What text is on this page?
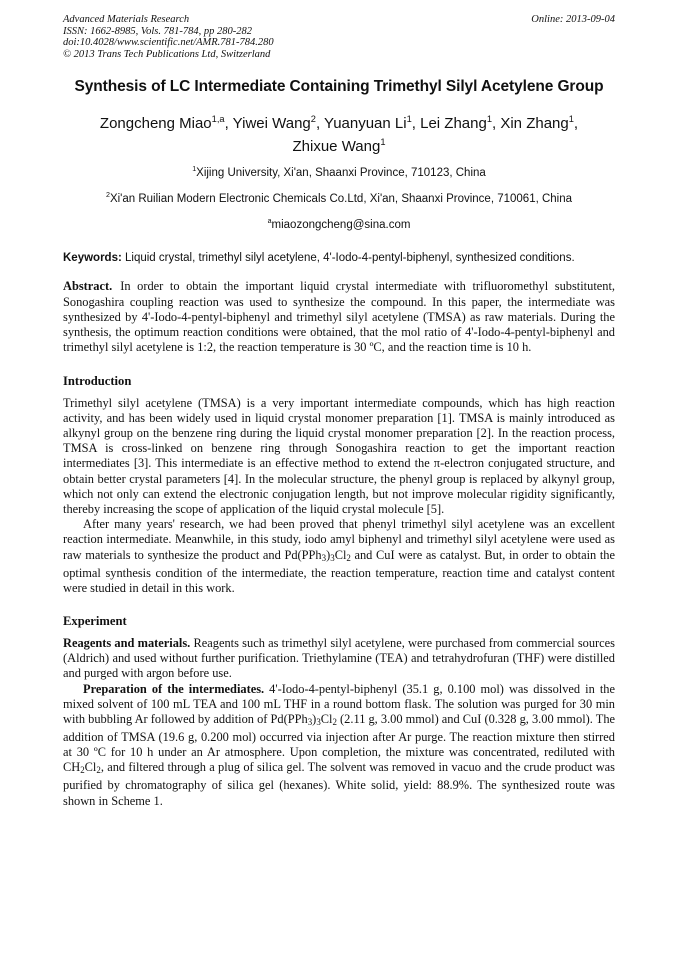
Advanced Materials Research
ISSN: 1662-8985, Vols. 781-784, pp 280-282
doi:10.4028/www.scientific.net/AMR.781-784.280
© 2013 Trans Tech Publications Ltd, Switzerland
Online: 2013-09-04
Synthesis of LC Intermediate Containing Trimethyl Silyl Acetylene Group
Zongcheng Miao$^{1,a}$, Yiwei Wang$^2$, Yuanyuan Li$^1$, Lei Zhang$^1$, Xin Zhang$^1$,
Zhixue Wang$^1$
$^1$Xijing University, Xi'an, Shaanxi Province, 710123, China
$^2$Xi'an Ruilian Modern Electronic Chemicals Co.Ltd, Xi'an, Shaanxi Province, 710061, China
$^a$miaozongcheng@sina.com
Keywords: Liquid crystal, trimethyl silyl acetylene, 4'-Iodo-4-pentyl-biphenyl, synthesized conditions.

Abstract. In order to obtain the important liquid crystal intermediate with trifluoromethyl substitutent, Sonogashira coupling reaction was used to synthesize the compound. In this paper, the intermediate was synthesized by 4'-Iodo-4-pentyl-biphenyl and trimethyl silyl acetylene (TMSA) as raw materials. During the synthesis, the optimum reaction conditions were obtained, that the mol ratio of 4'-Iodo-4-pentyl-biphenyl and trimethyl silyl acetylene is 1:2, the reaction temperature is 30 ºC, and the reaction time is 10 h.

Introduction

Trimethyl silyl acetylene (TMSA) is a very important intermediate compounds, which has high reaction activity, and has been widely used in liquid crystal monomer preparation [1]. TMSA is mainly introduced as alkynyl group on the benzene ring during the liquid crystal monomer preparation [2]. In the reaction process, TMSA is cross-linked on benzene ring through Sonogashira reaction to get the important reaction intermediates [3]. This intermediate is an effective method to extend the π-electron conjugated structure, and obtain better crystal parameters [4]. In the molecular structure, the phenyl group is replaced by alkynyl group, which not only can extend the electronic conjugation length, but not improve molecular rigidity significantly, thereby increasing the scope of application of the liquid crystal molecule [5].

After many years' research, we had been proved that phenyl trimethyl silyl acetylene was an excellent reaction intermediate. Meanwhile, in this study, iodo amyl biphenyl and trimethyl silyl acetylene were used as raw materials to synthesize the product and Pd(PPh3)3Cl2 and CuI were as catalyst. But, in order to obtain the optimal synthesis condition of the intermediate, the reaction temperature, reaction time and catalyst content were studied in detail in this work.

Experiment

Reagents and materials. Reagents such as trimethyl silyl acetylene, were purchased from commercial sources (Aldrich) and used without further purification. Triethylamine (TEA) and tetrahydrofuran (THF) were distilled and purged with argon before use.

Preparation of the intermediates. 4'-Iodo-4-pentyl-biphenyl (35.1 g, 0.100 mol) was dissolved in the mixed solvent of 100 mL TEA and 100 mL THF in a round bottom flask. The solution was purged for 30 min with bubbling Ar followed by addition of Pd(PPh3)3Cl2 (2.11 g, 3.00 mmol) and CuI (0.328 g, 3.00 mmol). The addition of TMSA (19.6 g, 0.200 mol) occurred via injection after Ar purge. The reaction mixture then stirred at 30 ºC for 10 h under an Ar atmosphere. Upon completion, the mixture was concentrated, rediluted with CH2Cl2, and filtered through a plug of silica gel. The solvent was removed in vacuo and the crude product was purified by chromatography of silica gel (hexanes). White solid, yield: 88.9%. The synthesized route was shown in Scheme 1.
